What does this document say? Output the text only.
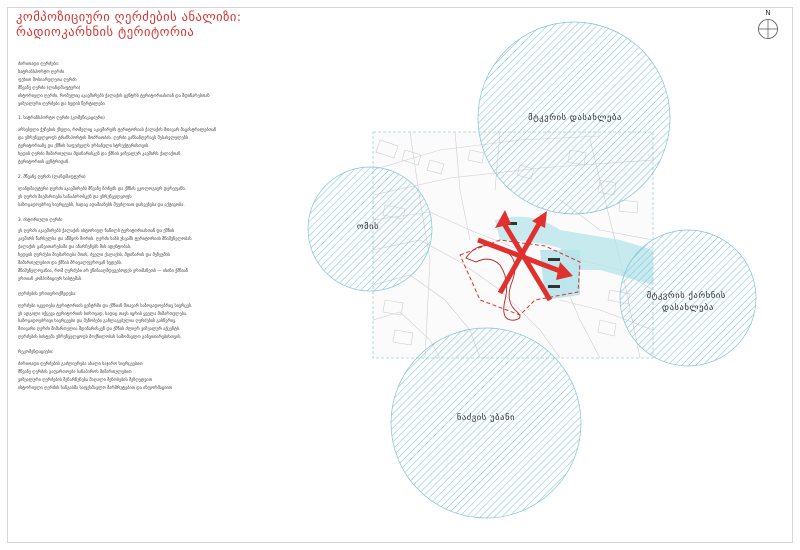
კომპოზიციური ღერძების ანალიზი:
რადიოკარხნის ტერიტორია

ძირითადი ღერძები:

სატრანსპორტო ღერძი

ფეხით მოსიარულეთა ღერძი

მწვანე ღერძი (ლანდშაფტური)

ისტორიული ღერძი, რომელიც აკავშირებს ქალაქის ცენტრს ტერიტორიასთან და მდინარესთან

ვიზუალური ღერძები და ხედის წერტილები

1. სატრანსპორტო ღერძი (კომუნიკაციური)

არსებული ქუჩების ქსელი, რომელიც აკავშირებს ტერიტორიას ქალაქის მთავარ მაგისტრალებთან

და უზრუნველყოფს ტრანსპორტის მოძრაობას. ღერძი განსაზღვრავს შესასვლელებს

ტერიტორიაზე და ქმნის საფუძველს ურბანული სტრუქტურისთვის.

ხედის ღერძი მიმართულია მდინარისკენ და ქმნის ვიზუალურ კავშირს ქალაქთან

ტერიტორიის ცენტრიდან.

2. მწვანე ღერძი (ლანდშაფტური)

ლანდშაფტური ღერძი აკავშირებს მწვანე ზონებს და ქმნის ეკოლოგიურ დერეფანს.

ეს ღერძი მიემართება სანაპიროსკენ და უზრუნველყოფს

საზოგადოებრივ სივრცეებს, სადაც ადამიანებს შეუძლიათ დასვენება და აქტივობა.

3. ისტორიული ღერძი

ეს ღერძი აკავშირებს ქალაქის ისტორიულ ნაწილს ტერიტორიასთან და ქმნის

კავშირს წარსულსა და აწმყოს შორის. ღერძი ხაზს უსვამს ტერიტორიის მნიშვნელობას

ქალაქის განვითარებაში და ინარჩუნებს მის იდენტობას.

ხედვის ღერძები მიემართება მთის, ძველი ქალაქის, მდინარის და მუზეუმის

მიმართულებით და ქმნის მრავალფეროვან ხედებს.

მნიშვნელოვანია, რომ ღერძები არ ეწინააღმდეგებოდეს ერთმანეთს — ისინი ქმნიან

ერთიან კომპოზიციურ სისტემას.

ღერძების ურთიერთქმედება:

ღერძები იკვეთება ტერიტორიის ცენტრში და ქმნიან მთავარ საზოგადოებრივ სივრცეს.

ეს ადგილი იქცევა ტერიტორიის ბირთვად, სადაც თავს იყრის ყველა მიმართულება.

საზოგადოებრივი სივრცეები და შენობები განლაგებულია ღერძების გასწვრივ.

მთავარი ღერძი მიმართულია მდინარისკენ და ქმნის ძლიერ ვიზუალურ აქცენტს.

ღერძების სისტემა უზრუნველყოფს მოქნილობას სამომავლო განვითარებისთვის.

რეკომენდაციები:

ძირითადი ღერძების გაძლიერება ახალი საჯარო სივრცეებით

მწვანე ღერძის გაფართოება სანაპიროს მიმართულებით

ვიზუალური ღერძების შენარჩუნება მაღალი შენობების შეზღუდვით

ისტორიული ღერძის ხაზგასმა საფეხმავლო მარშრუტებით და ინფორმაციით

N
მტკვრის დასახლება
ომის
მტკვრის ქარხნის დასახლება
ნაძვის უბანი
